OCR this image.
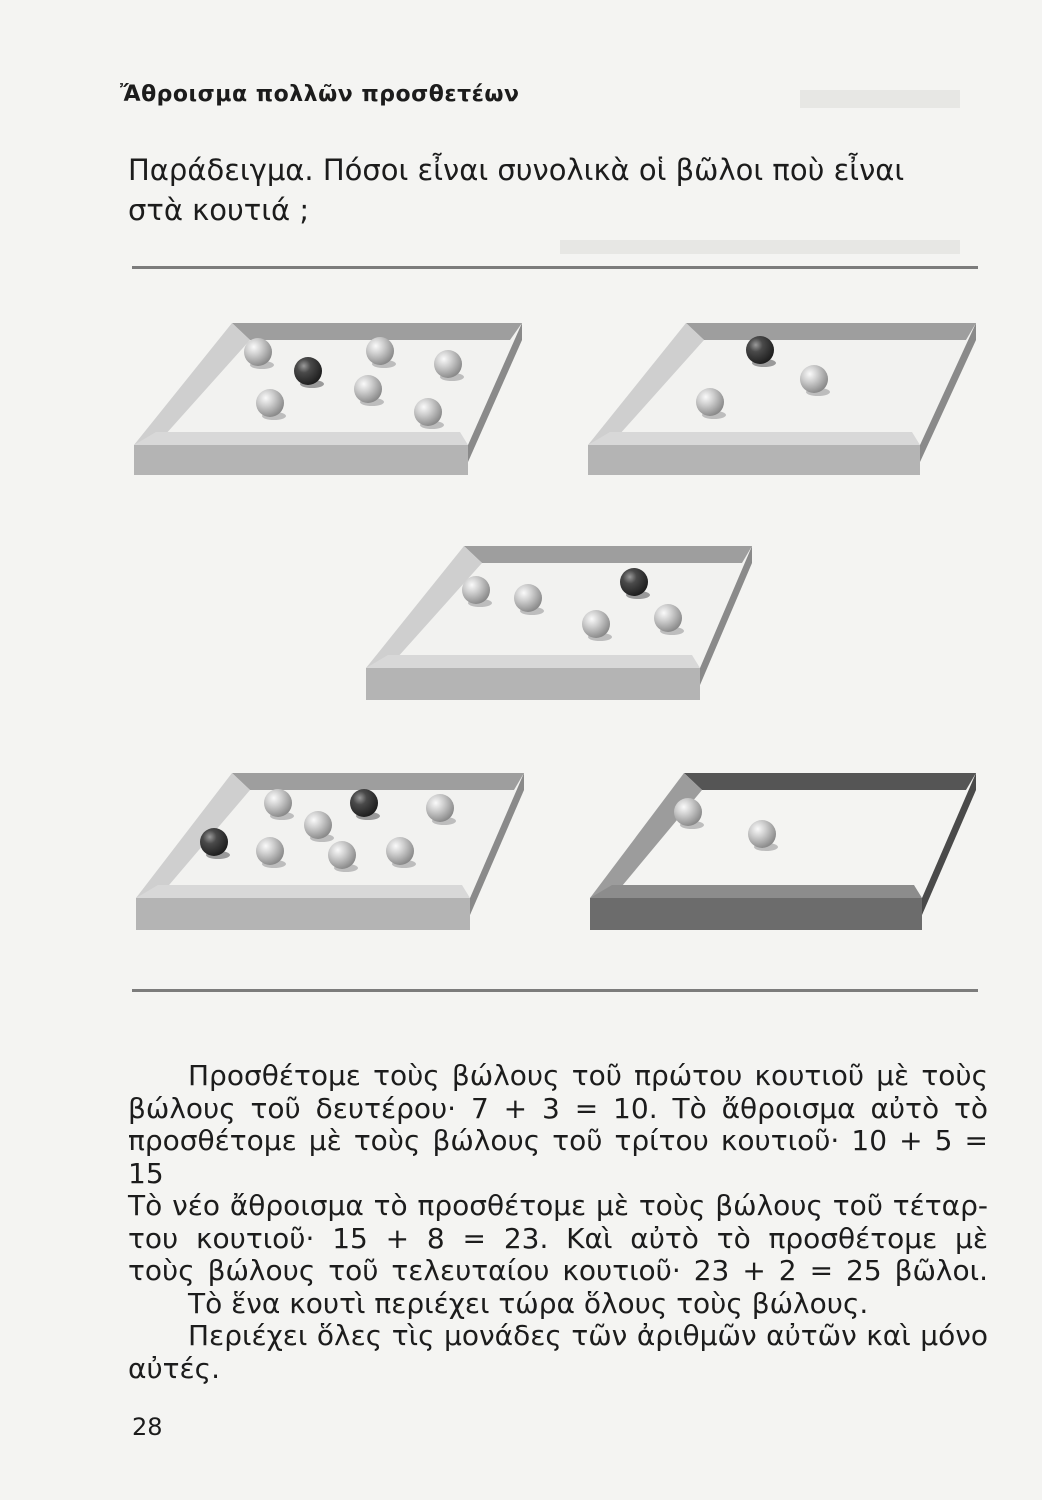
Ἄθροισμα πολλῶν προσθετέων

Παράδειγμα. Πόσοι εἶναι συνολικὰ οἱ βῶλοι ποὺ εἶναι
στὰ κουτιά ;

Προσθέτομε τοὺς βώλους τοῦ πρώτου κουτιοῦ μὲ τοὺς

βώλους τοῦ δευτέρου· 7 + 3 = 10. Τὸ ἄθροισμα αὐτὸ τὸ

προσθέτομε μὲ τοὺς βώλους τοῦ τρίτου κουτιοῦ· 10 + 5 = 15

Τὸ νέο ἄθροισμα τὸ προσθέτομε μὲ τοὺς βώλους τοῦ τέταρ-

του κουτιοῦ· 15 + 8 = 23. Καὶ αὐτὸ τὸ προσθέτομε μὲ

τοὺς βώλους τοῦ τελευταίου κουτιοῦ· 23 + 2 = 25 βῶλοι.

Τὸ ἕνα κουτὶ περιέχει τώρα ὅλους τοὺς βώλους.

Περιέχει ὅλες τὶς μονάδες τῶν ἀριθμῶν αὐτῶν καὶ μόνο

αὐτές.

28
